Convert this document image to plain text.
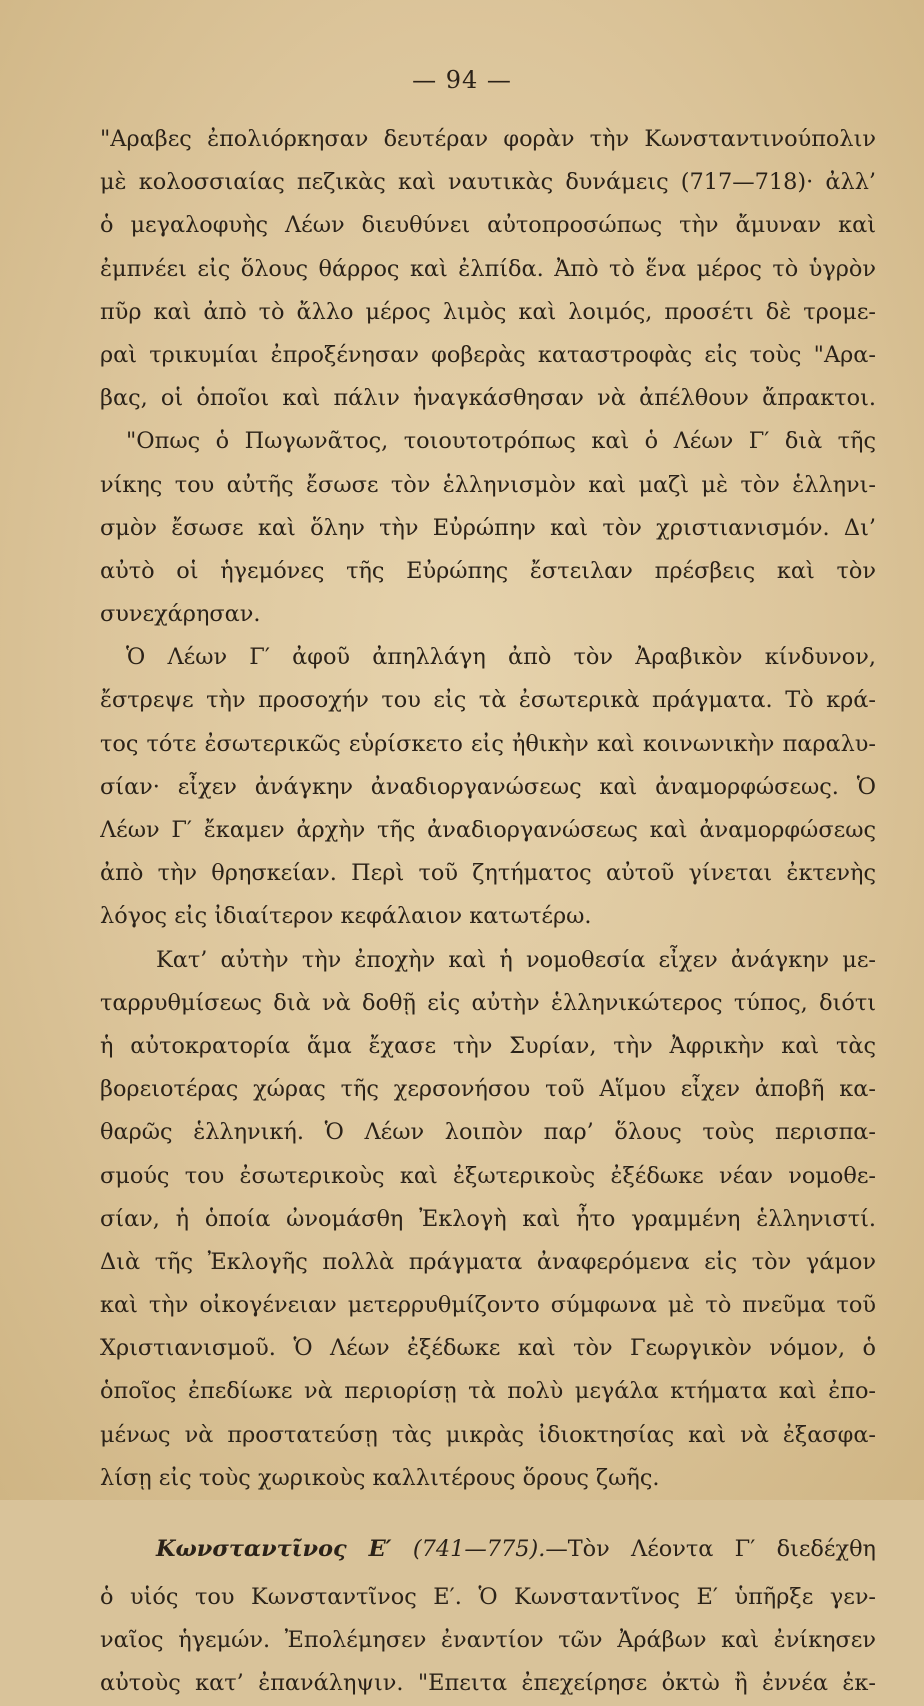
— 94 —
"Αραβες ἐπολιόρκησαν δευτέραν φορὰν τὴν Κωνσταντινούπολιν
μὲ κολοσσιαίας πεζικὰς καὶ ναυτικὰς δυνάμεις (717—718)· ἀλλ’
ὁ μεγαλοφυὴς Λέων διευθύνει αὐτοπροσώπως τὴν ἄμυναν καὶ
ἐμπνέει εἰς ὅλους θάρρος καὶ ἐλπίδα. Ἀπὸ τὸ ἕνα μέρος τὸ ὑγρὸν
πῦρ καὶ ἀπὸ τὸ ἄλλο μέρος λιμὸς καὶ λοιμός, προσέτι δὲ τρομε-
ραὶ τρικυμίαι ἐπροξένησαν φοβερὰς καταστροφὰς εἰς τοὺς "Αρα-
βας, οἱ ὁποῖοι καὶ πάλιν ἠναγκάσθησαν νὰ ἀπέλθουν ἄπρακτοι.
"Οπως ὁ Πωγωνᾶτος, τοιουτοτρόπως καὶ ὁ Λέων Γ′ διὰ τῆς
νίκης του αὐτῆς ἔσωσε τὸν ἑλληνισμὸν καὶ μαζὶ μὲ τὸν ἑλληνι-
σμὸν ἔσωσε καὶ ὅλην τὴν Εὐρώπην καὶ τὸν χριστιανισμόν. Δι’
αὐτὸ οἱ ἡγεμόνες τῆς Εὐρώπης ἔστειλαν πρέσβεις καὶ τὸν
συνεχάρησαν.
Ὁ Λέων Γ′ ἀφοῦ ἀπηλλάγη ἀπὸ τὸν Ἀραβικὸν κίνδυνον,
ἔστρεψε τὴν προσοχήν του εἰς τὰ ἐσωτερικὰ πράγματα. Τὸ κρά-
τος τότε ἐσωτερικῶς εὑρίσκετο εἰς ἠθικὴν καὶ κοινωνικὴν παραλυ-
σίαν· εἶχεν ἀνάγκην ἀναδιοργανώσεως καὶ ἀναμορφώσεως. Ὁ
Λέων Γ′ ἔκαμεν ἀρχὴν τῆς ἀναδιοργανώσεως καὶ ἀναμορφώσεως
ἀπὸ τὴν θρησκείαν. Περὶ τοῦ ζητήματος αὐτοῦ γίνεται ἐκτενὴς
λόγος εἰς ἰδιαίτερον κεφάλαιον κατωτέρω.
Κατ’ αὐτὴν τὴν ἐποχὴν καὶ ἡ νομοθεσία εἶχεν ἀνάγκην με-
ταρρυθμίσεως διὰ νὰ δοθῇ εἰς αὐτὴν ἑλληνικώτερος τύπος, διότι
ἡ αὐτοκρατορία ἅμα ἔχασε τὴν Συρίαν, τὴν Ἀφρικὴν καὶ τὰς
βορειοτέρας χώρας τῆς χερσονήσου τοῦ Αἵμου εἶχεν ἀποβῆ κα-
θαρῶς ἑλληνική. Ὁ Λέων λοιπὸν παρ’ ὅλους τοὺς περισπα-
σμούς του ἐσωτερικοὺς καὶ ἐξωτερικοὺς ἐξέδωκε νέαν νομοθε-
σίαν, ἡ ὁποία ὠνομάσθη Ἐκλογὴ καὶ ἦτο γραμμένη ἑλληνιστί.
Διὰ τῆς Ἐκλογῆς πολλὰ πράγματα ἀναφερόμενα εἰς τὸν γάμον
καὶ τὴν οἰκογένειαν μετερρυθμίζοντο σύμφωνα μὲ τὸ πνεῦμα τοῦ
Χριστιανισμοῦ. Ὁ Λέων ἐξέδωκε καὶ τὸν Γεωργικὸν νόμον, ὁ
ὁποῖος ἐπεδίωκε νὰ περιορίσῃ τὰ πολὺ μεγάλα κτήματα καὶ ἐπο-
μένως νὰ προστατεύσῃ τὰς μικρὰς ἰδιοκτησίας καὶ νὰ ἐξασφα-
λίσῃ εἰς τοὺς χωρικοὺς καλλιτέρους ὅρους ζωῆς.
Κωνσταντῖνος Ε′ (741—775).—Τὸν Λέοντα Γ′ διεδέχθη
ὁ υἱός του Κωνσταντῖνος Ε′. Ὁ Κωνσταντῖνος Ε′ ὑπῆρξε γεν-
ναῖος ἡγεμών. Ἐπολέμησεν ἐναντίον τῶν Ἀράβων καὶ ἐνίκησεν
αὐτοὺς κατ’ ἐπανάληψιν. "Επειτα ἐπεχείρησε ὀκτὼ ἢ ἐννέα ἐκ-
